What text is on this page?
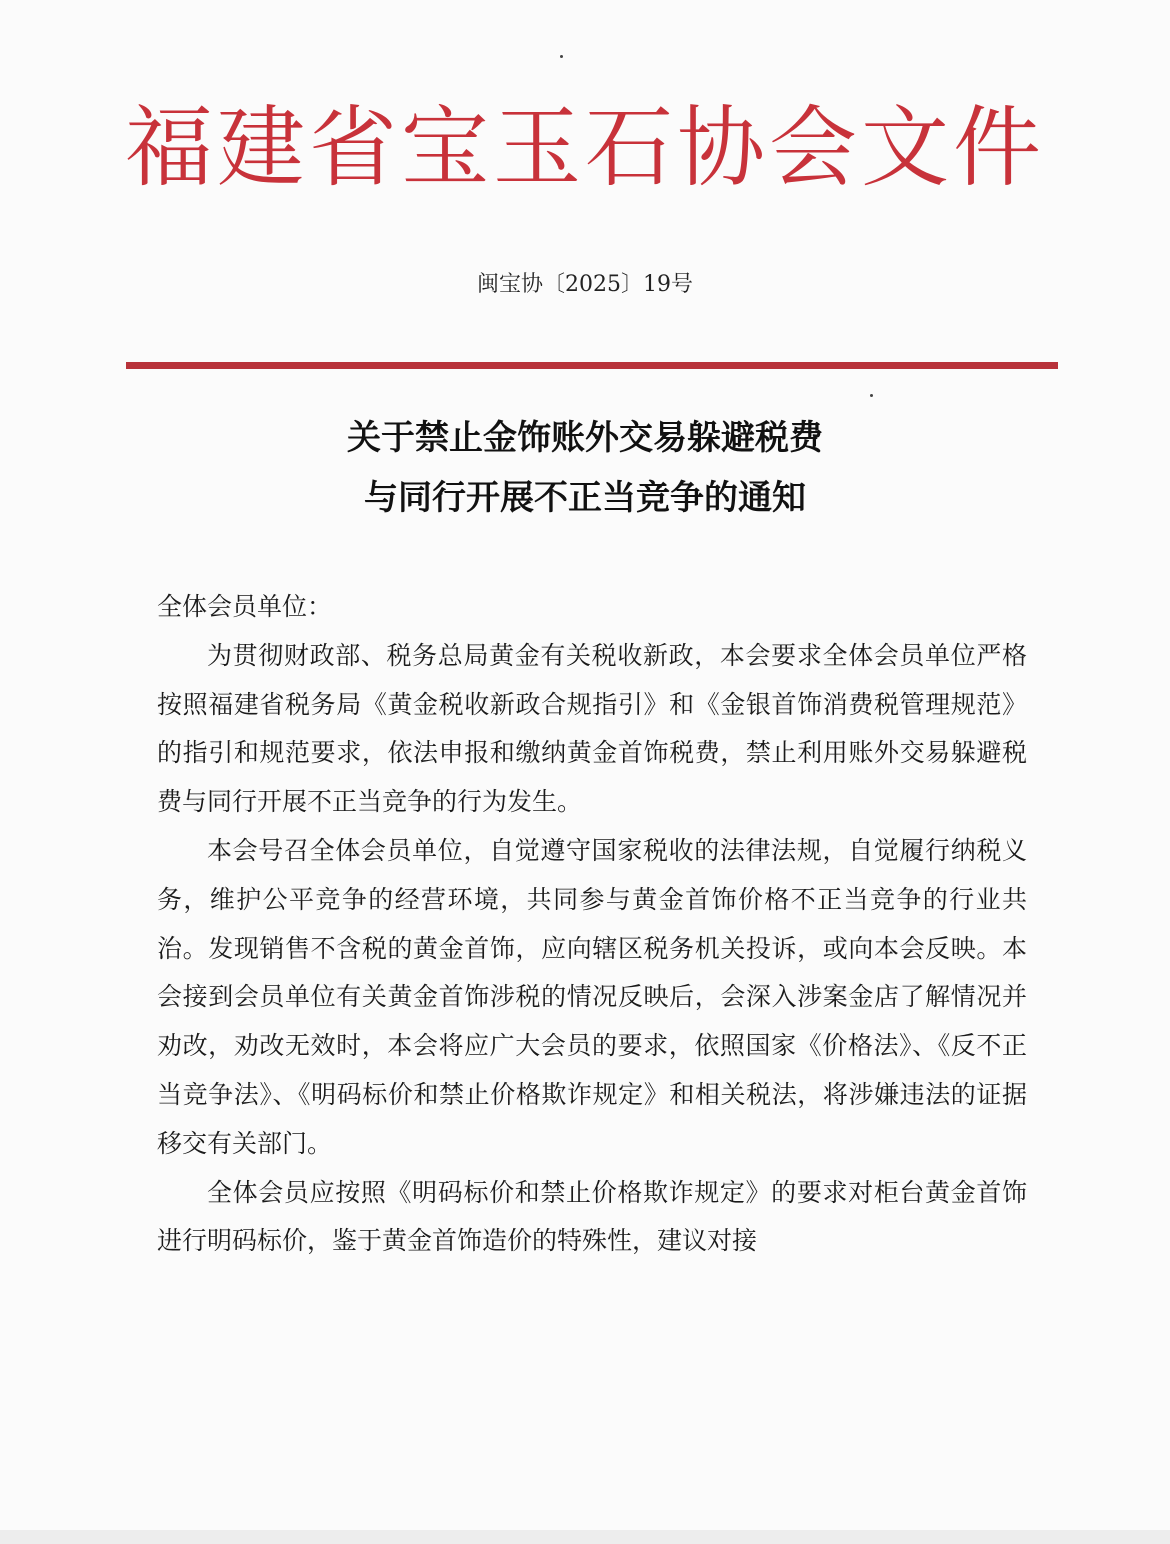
福建省宝玉石协会文件
闽宝协〔2025〕19号
关于禁止金饰账外交易躲避税费
与同行开展不正当竞争的通知

全体会员单位：

为贯彻财政部、税务总局黄金有关税收新政，本会要求全体会员单位严格按照福建省税务局《黄金税收新政合规指引》和《金银首饰消费税管理规范》的指引和规范要求，依法申报和缴纳黄金首饰税费，禁止利用账外交易躲避税费与同行开展不正当竞争的行为发生。

本会号召全体会员单位，自觉遵守国家税收的法律法规，自觉履行纳税义务，维护公平竞争的经营环境，共同参与黄金首饰价格不正当竞争的行业共治。发现销售不含税的黄金首饰，应向辖区税务机关投诉，或向本会反映。本会接到会员单位有关黄金首饰涉税的情况反映后，会深入涉案金店了解情况并劝改，劝改无效时，本会将应广大会员的要求，依照国家《价格法》、《反不正当竞争法》、《明码标价和禁止价格欺诈规定》和相关税法，将涉嫌违法的证据移交有关部门。

全体会员应按照《明码标价和禁止价格欺诈规定》的要求对柜台黄金首饰进行明码标价，鉴于黄金首饰造价的特殊性，建议对接
